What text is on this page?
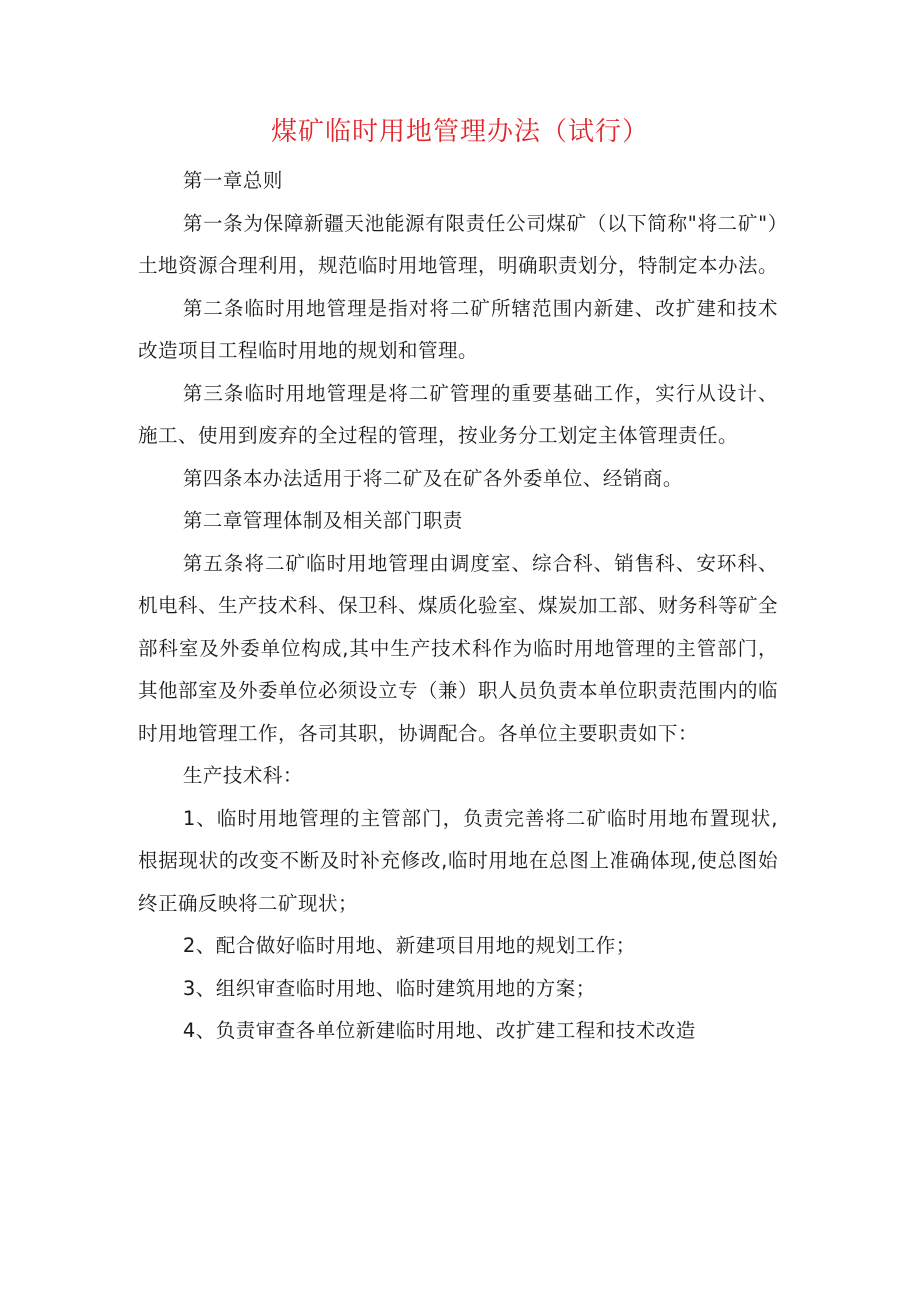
煤矿临时用地管理办法（试行）

第一章总则

第一条为保障新疆天池能源有限责任公司煤矿（以下简称"将二矿"）土地资源合理利用，规范临时用地管理，明确职责划分，特制定本办法。

第二条临时用地管理是指对将二矿所辖范围内新建、改扩建和技术改造项目工程临时用地的规划和管理。

第三条临时用地管理是将二矿管理的重要基础工作，实行从设计、施工、使用到废弃的全过程的管理，按业务分工划定主体管理责任。

第四条本办法适用于将二矿及在矿各外委单位、经销商。

第二章管理体制及相关部门职责

第五条将二矿临时用地管理由调度室、综合科、销售科、安环科、机电科、生产技术科、保卫科、煤质化验室、煤炭加工部、财务科等矿全部科室及外委单位构成,其中生产技术科作为临时用地管理的主管部门，其他部室及外委单位必须设立专（兼）职人员负责本单位职责范围内的临时用地管理工作，各司其职，协调配合。各单位主要职责如下：

生产技术科：

1、临时用地管理的主管部门，负责完善将二矿临时用地布置现状,根据现状的改变不断及时补充修改,临时用地在总图上准确体现,使总图始终正确反映将二矿现状；

2、配合做好临时用地、新建项目用地的规划工作；

3、组织审查临时用地、临时建筑用地的方案；

4、负责审查各单位新建临时用地、改扩建工程和技术改造
